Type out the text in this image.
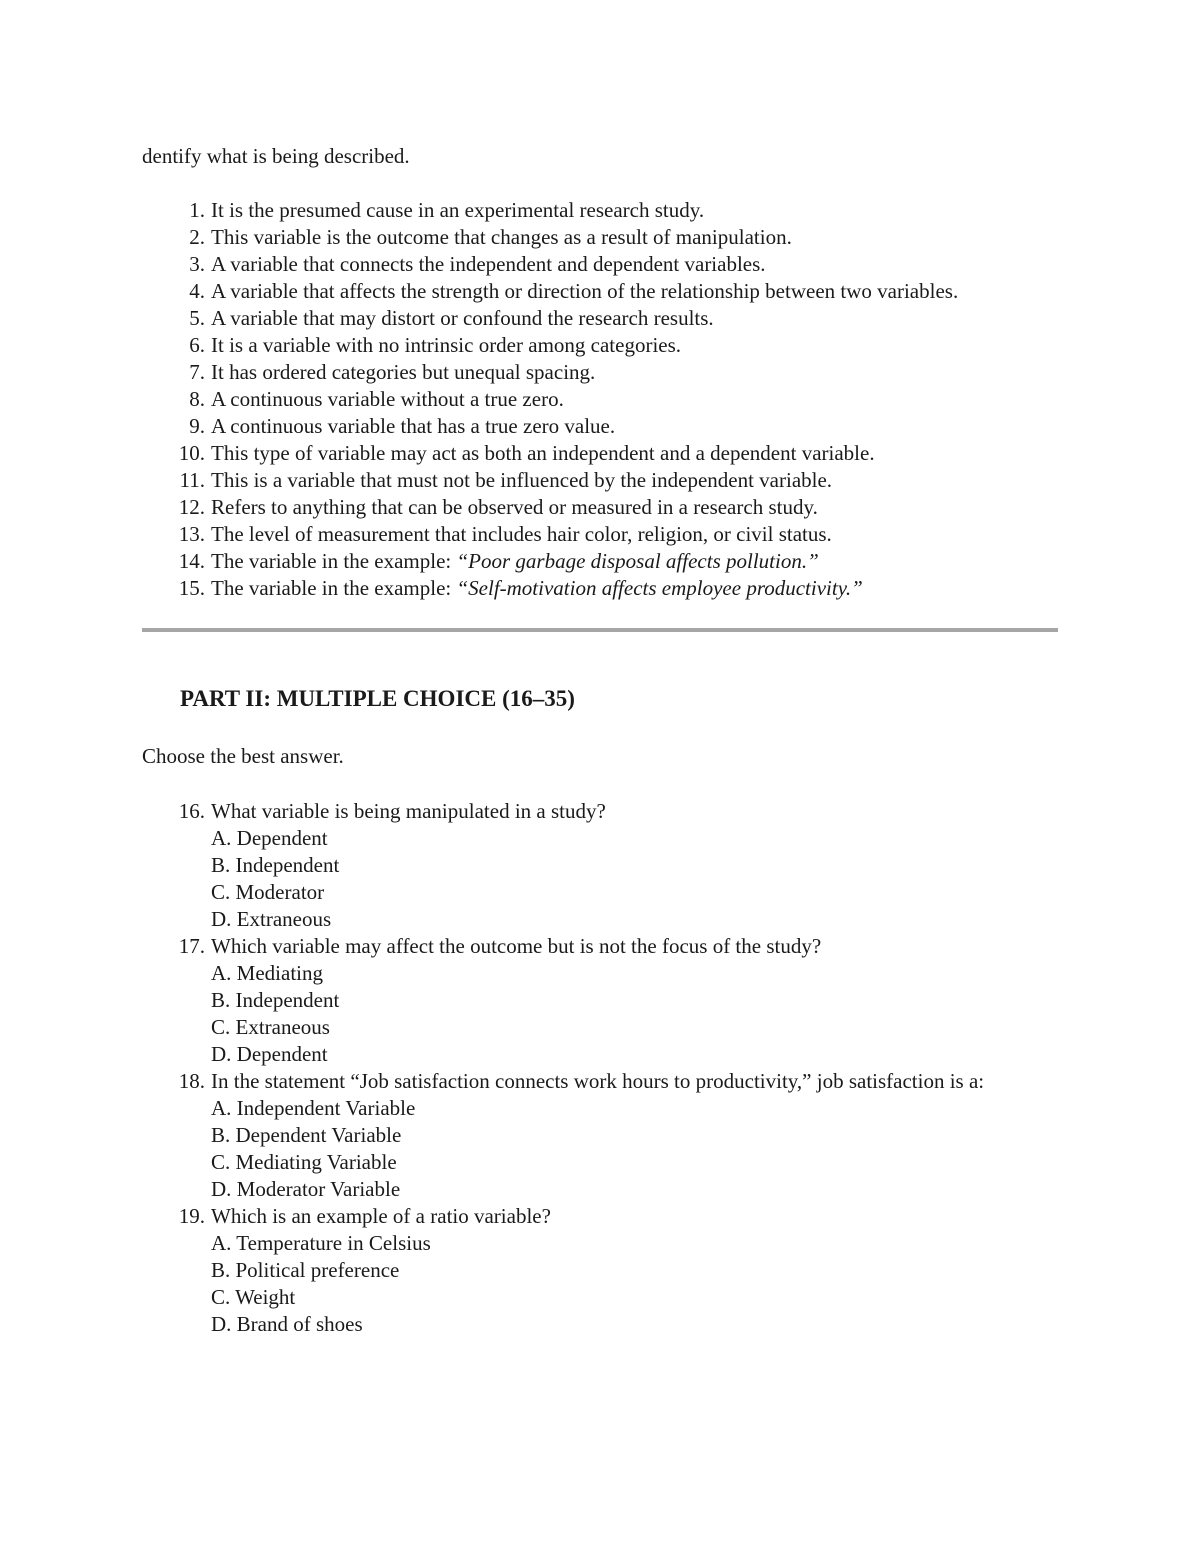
dentify what is being described.
1. It is the presumed cause in an experimental research study.
2. This variable is the outcome that changes as a result of manipulation.
3. A variable that connects the independent and dependent variables.
4. A variable that affects the strength or direction of the relationship between two variables.
5. A variable that may distort or confound the research results.
6. It is a variable with no intrinsic order among categories.
7. It has ordered categories but unequal spacing.
8. A continuous variable without a true zero.
9. A continuous variable that has a true zero value.
10. This type of variable may act as both an independent and a dependent variable.
11. This is a variable that must not be influenced by the independent variable.
12. Refers to anything that can be observed or measured in a research study.
13. The level of measurement that includes hair color, religion, or civil status.
14. The variable in the example: “Poor garbage disposal affects pollution.”
15. The variable in the example: “Self-motivation affects employee productivity.”
PART II: MULTIPLE CHOICE (16–35)
Choose the best answer.
16. What variable is being manipulated in a study?
A. Dependent
B. Independent
C. Moderator
D. Extraneous
17. Which variable may affect the outcome but is not the focus of the study?
A. Mediating
B. Independent
C. Extraneous
D. Dependent
18. In the statement “Job satisfaction connects work hours to productivity,” job satisfaction is a:
A. Independent Variable
B. Dependent Variable
C. Mediating Variable
D. Moderator Variable
19. Which is an example of a ratio variable?
A. Temperature in Celsius
B. Political preference
C. Weight
D. Brand of shoes
